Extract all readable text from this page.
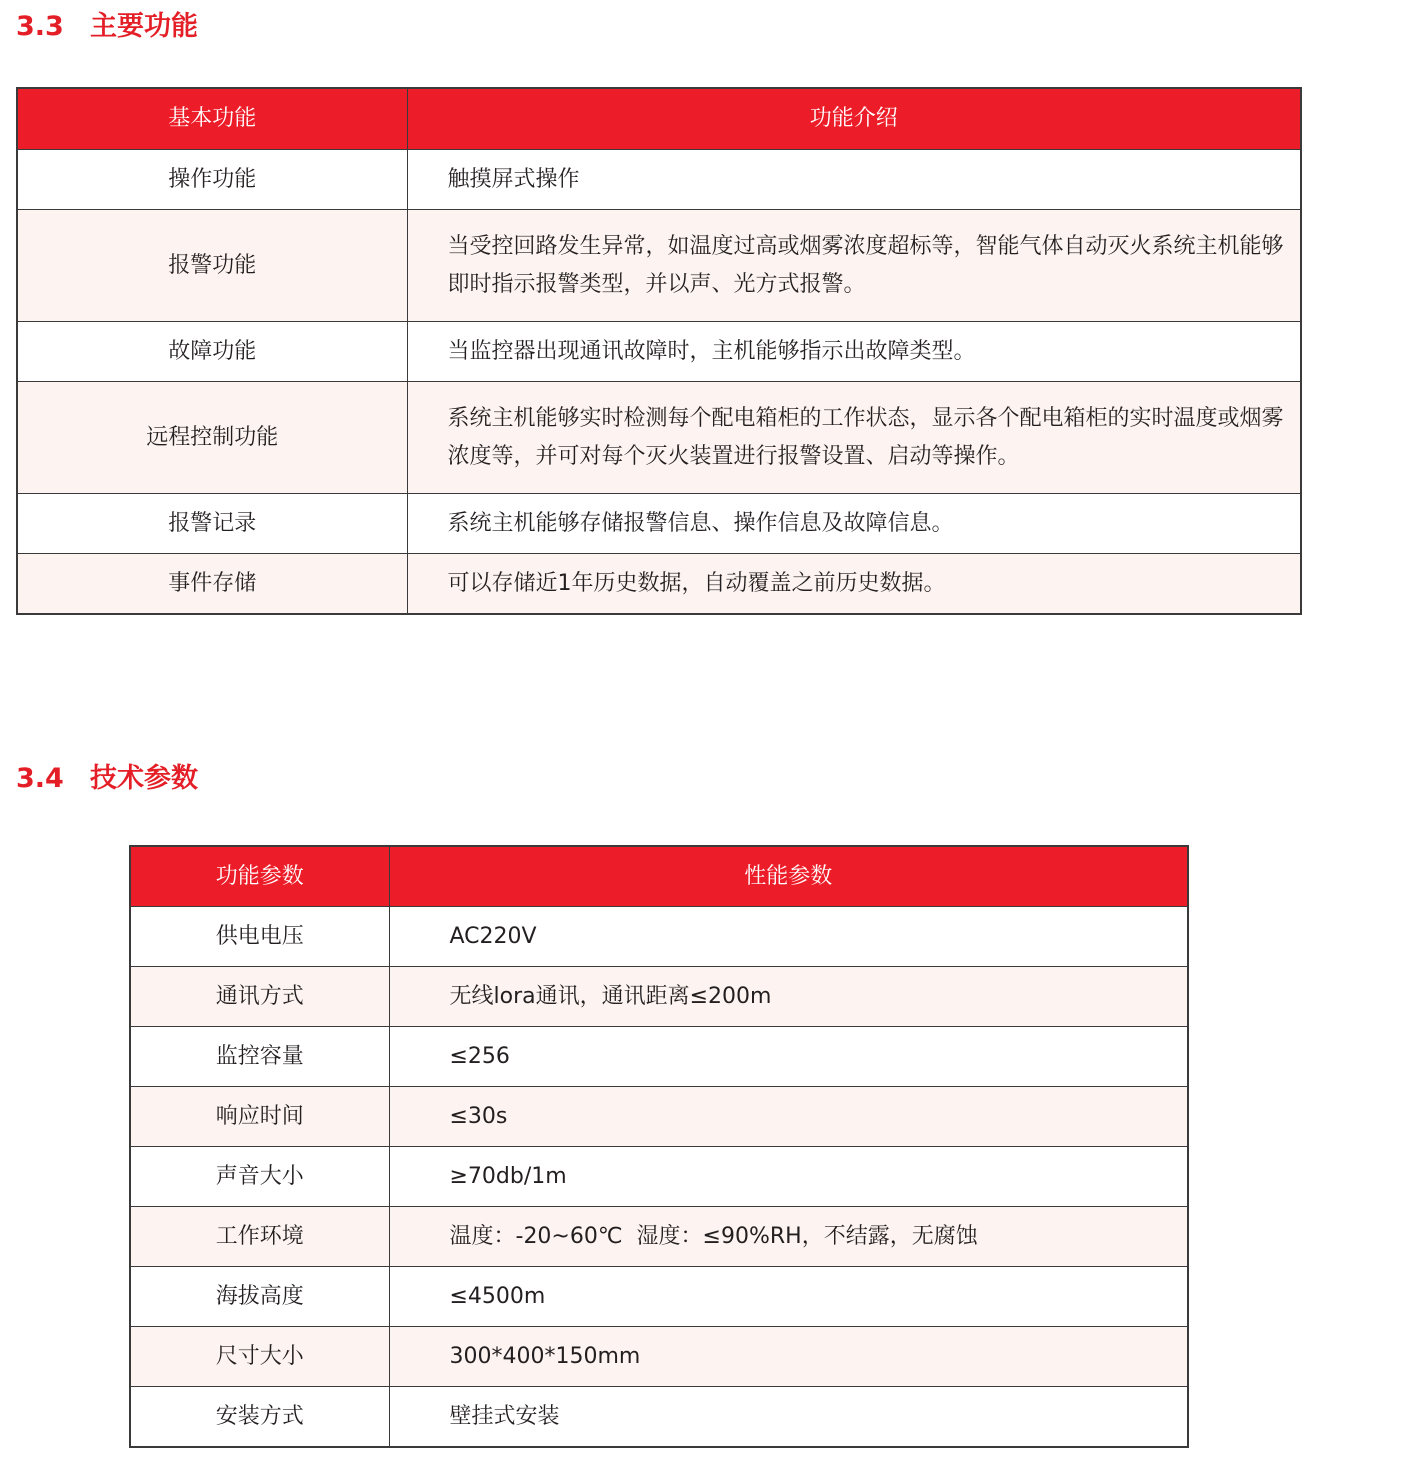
3.3 主要功能
基本功能	功能介绍
操作功能	触摸屏式操作
报警功能	当受控回路发生异常，如温度过高或烟雾浓度超标等，智能气体自动灭火系统主机能够即时指示报警类型，并以声、光方式报警。
故障功能	当监控器出现通讯故障时，主机能够指示出故障类型。
远程控制功能	系统主机能够实时检测每个配电箱柜的工作状态，显示各个配电箱柜的实时温度或烟雾浓度等，并可对每个灭火装置进行报警设置、启动等操作。
报警记录	系统主机能够存储报警信息、操作信息及故障信息。
事件存储	可以存储近1年历史数据，自动覆盖之前历史数据。
3.4 技术参数
功能参数	性能参数
供电电压	AC220V
通讯方式	无线lora通讯，通讯距离≤200m
监控容量	≤256
响应时间	≤30s
声音大小	≥70db/1m
工作环境	温度：-20~60℃  湿度：≤90%RH，不结露，无腐蚀
海拔高度	≤4500m
尺寸大小	300*400*150mm
安装方式	壁挂式安装
